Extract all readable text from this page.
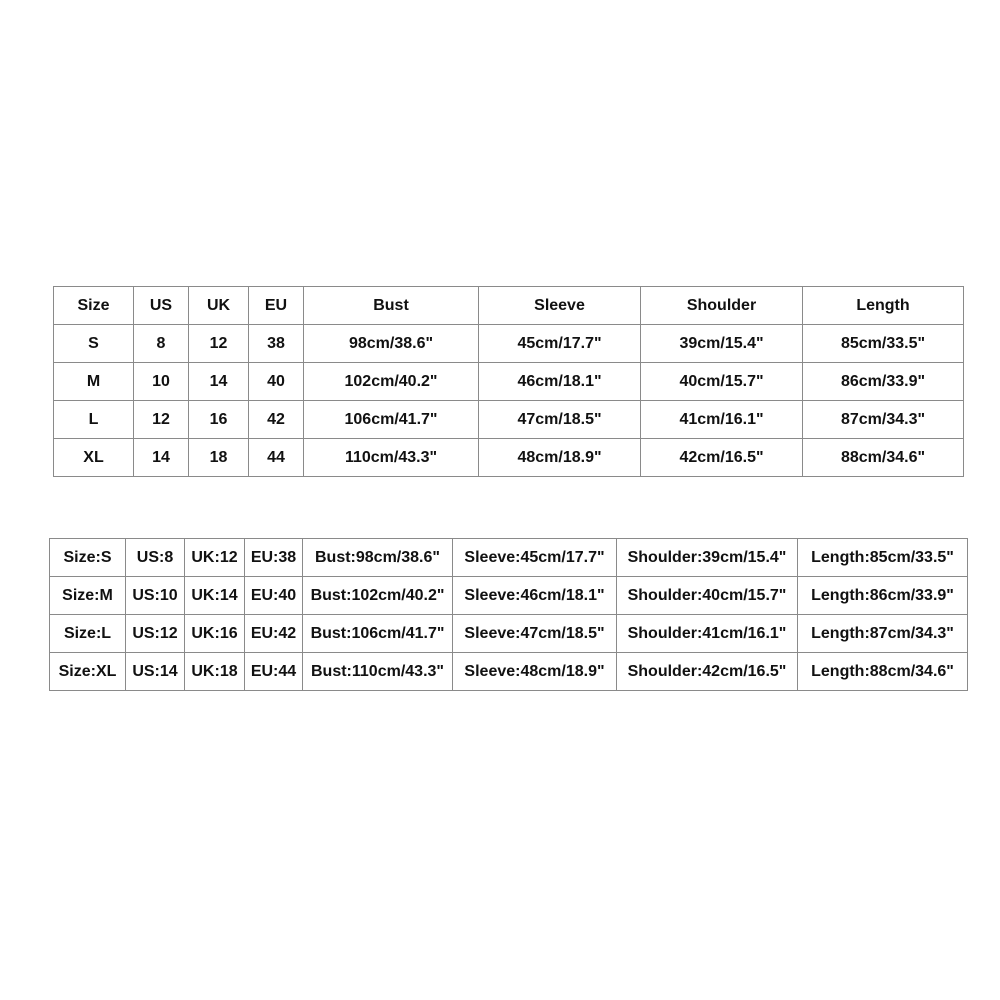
Size	US	UK	EU	Bust	Sleeve	Shoulder	Length
S	8	12	38	98cm/38.6"	45cm/17.7"	39cm/15.4"	85cm/33.5"
M	10	14	40	102cm/40.2"	46cm/18.1"	40cm/15.7"	86cm/33.9"
L	12	16	42	106cm/41.7"	47cm/18.5"	41cm/16.1"	87cm/34.3"
XL	14	18	44	110cm/43.3"	48cm/18.9"	42cm/16.5"	88cm/34.6"
Size:S	US:8	UK:12	EU:38	Bust:98cm/38.6"	Sleeve:45cm/17.7"	Shoulder:39cm/15.4"	Length:85cm/33.5"
Size:M	US:10	UK:14	EU:40	Bust:102cm/40.2"	Sleeve:46cm/18.1"	Shoulder:40cm/15.7"	Length:86cm/33.9"
Size:L	US:12	UK:16	EU:42	Bust:106cm/41.7"	Sleeve:47cm/18.5"	Shoulder:41cm/16.1"	Length:87cm/34.3"
Size:XL	US:14	UK:18	EU:44	Bust:110cm/43.3"	Sleeve:48cm/18.9"	Shoulder:42cm/16.5"	Length:88cm/34.6"
